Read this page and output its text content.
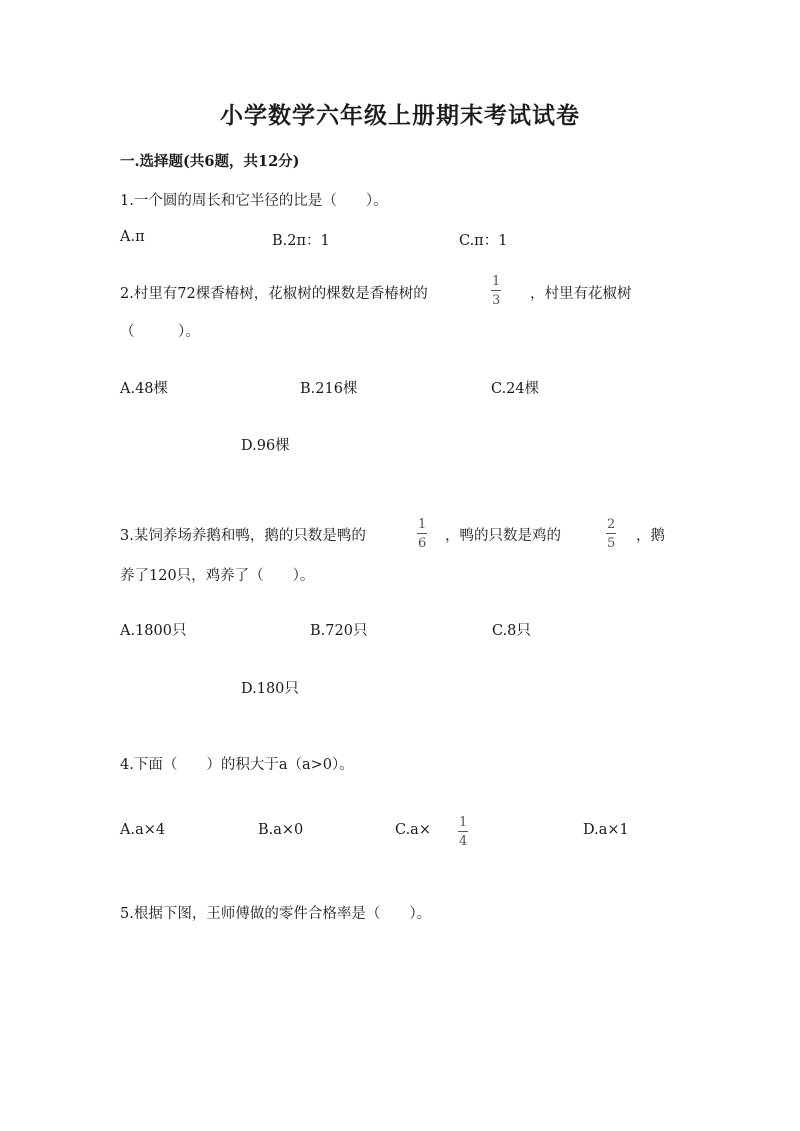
小学数学六年级上册期末考试试卷
一.选择题(共6题，共12分)
1.一个圆的周长和它半径的比是（　　）。
A.π	B.2π：1	C.π：1
2.村里有72棵香椿树，花椒树的棵数是香椿树的
1
3 ，村里有花椒树
（　　　）。
A.48棵	B.216棵	C.24棵
D.96棵
3.某饲养场养鹅和鸭，鹅的只数是鸭的
1
6 ，鸭的只数是鸡的
2
5 ，鹅
养了120只，鸡养了（　　）。
A.1800只	B.720只	C.8只
D.180只
4.下面（　　）的积大于a（a>0）。
A.a×4	B.a×0	C.a× 1
4
D.a×1
5.根据下图，王师傅做的零件合格率是（　　）。
